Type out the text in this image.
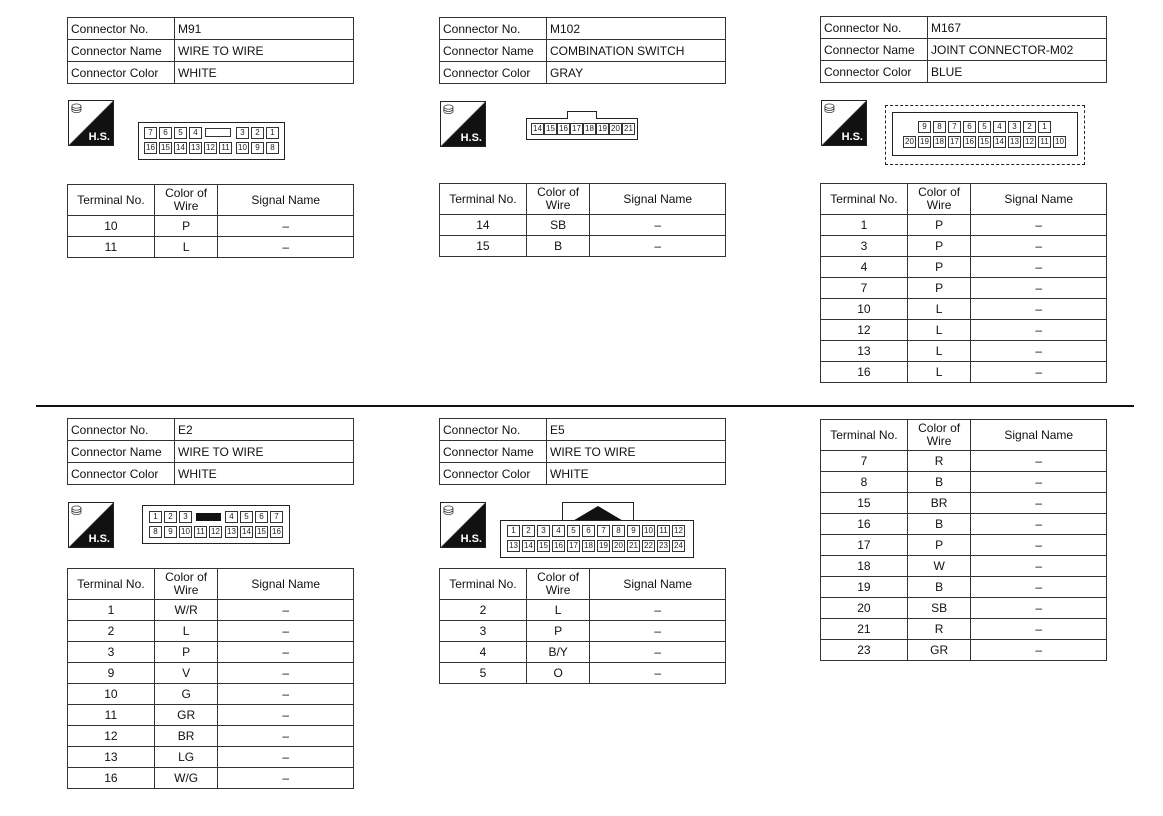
Connector No.	M91
Connector Name	WIRE TO WIRE
Connector Color	WHITE
⛁
H.S.	7	6	5	4	3	2	1
16 15 14 13 12 11 10	9	8
Terminal No.	Color of Wire	Signal Name
10	P	–
11	L	–
Connector No.	M102
Connector Name	COMBINATION SWITCH
Connector Color	GRAY
⛁
H.S.
14 15 16 17 18 19 20 21
Terminal No.	Color of Wire	Signal Name
14	SB	–
15	B	–
Connector No.	M167
Connector Name	JOINT CONNECTOR-M02
Connector Color	BLUE
⛁
H.S.
9	8	7	6	5	4	3	2	1
20 19 18 17 16 15 14 13 12 11 10
Terminal No.	Color of Wire	Signal Name
1	P	–
3	P	–
4	P	–
7	P	–
10	L	–
12	L	–
13	L	–
16	L	–
Connector No.	E2
Connector Name	WIRE TO WIRE
Connector Color	WHITE
⛁
H.S.
1	2	3	4	5	6	7
8	9	10 11 12 13 14 15 16
Terminal No.	Color of Wire	Signal Name
1	W/R	–
2	L	–
3	P	–
9	V	–
10	G	–
11	GR	–
12	BR	–
13	LG	–
16	W/G	–
Connector No.	E5
Connector Name	WIRE TO WIRE
Connector Color	WHITE
⛁
H.S.
1	2	3	4	5	6	7	8	9	10 11 12
13 14 15 16 17 18 19 20 21 22 23 24
Terminal No.	Color of Wire	Signal Name
2	L	–
3	P	–
4	B/Y	–
5	O	–
Terminal No.	Color of Wire	Signal Name
7	R	–
8	B	–
15	BR	–
16	B	–
17	P	–
18	W	–
19	B	–
20	SB	–
21	R	–
23	GR	–
